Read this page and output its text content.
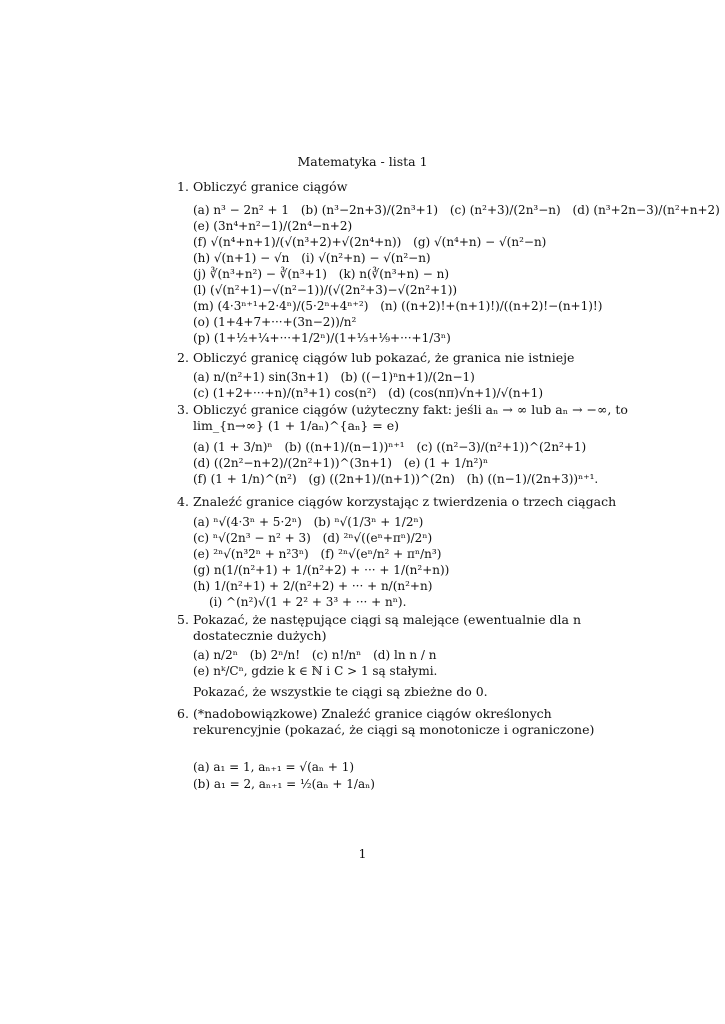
Matematyka - lista 1
1. Obliczyć granice ciągów
(a) n³ − 2n² + 1 (b) (n³−2n+3)/(2n³+1) (c) (n²+3)/(2n³−n) (d) (n³+2n−3)/(n²+n+2)
(e) (3n⁴+n²−1)/(2n⁴−n+2)
(f) √(n⁴+n+1)/(√(n³+2)+√(2n⁴+n)) (g) √(n⁴+n) − √(n²−n)
(h) √(n+1) − √n (i) √(n²+n) − √(n²−n)
(j) ∛(n³+n²) − ∛(n³+1) (k) n(∛(n³+n) − n)
(l) (√(n²+1)−√(n²−1))/(√(2n²+3)−√(2n²+1))
(m) (4·3ⁿ⁺¹+2·4ⁿ)/(5·2ⁿ+4ⁿ⁺²) (n) ((n+2)!+(n+1)!)/((n+2)!−(n+1)!)
(o) (1+4+7+···+(3n−2))/n²
(p) (1+½+¼+···+1/2ⁿ)/(1+⅓+⅑+···+1/3ⁿ)
2. Obliczyć granicę ciągów lub pokazać, że granica nie istnieje
(a) n/(n²+1) sin(3n+1) (b) ((−1)ⁿn+1)/(2n−1)
(c) (1+2+···+n)/(n³+1) cos(n²) (d) (cos(nπ)√n+1)/√(n+1)
3. Obliczyć granice ciągów (użyteczny fakt: jeśli aₙ → ∞ lub aₙ → −∞, to lim_{n→∞} (1 + 1/aₙ)^{aₙ} = e)
(a) (1 + 3/n)ⁿ (b) ((n+1)/(n−1))ⁿ⁺¹ (c) ((n²−3)/(n²+1))^(2n²+1)
(d) ((2n²−n+2)/(2n²+1))^(3n+1) (e) (1 + 1/n²)ⁿ
(f) (1 + 1/n)^(n²) (g) ((2n+1)/(n+1))^(2n) (h) ((n−1)/(2n+3))ⁿ⁺¹.
4. Znaleźć granice ciągów korzystając z twierdzenia o trzech ciągach
(a) ⁿ√(4·3ⁿ + 5·2ⁿ) (b) ⁿ√(1/3ⁿ + 1/2ⁿ)
(c) ⁿ√(2n³ − n² + 3) (d) ²ⁿ√((eⁿ+πⁿ)/2ⁿ)
(e) ²ⁿ√(n³2ⁿ + n²3ⁿ) (f) ²ⁿ√(eⁿ/n² + πⁿ/n³)
(g) n(1/(n²+1) + 1/(n²+2) + ··· + 1/(n²+n))
(h) 1/(n²+1) + 2/(n²+2) + ··· + n/(n²+n)
(i) ^(n²)√(1 + 2² + 3³ + ··· + nⁿ).
5. Pokazać, że następujące ciągi są malejące (ewentualnie dla n dostatecznie dużych)
(a) n/2ⁿ (b) 2ⁿ/n! (c) n!/nⁿ (d) ln n / n
(e) nᵏ/Cⁿ, gdzie k ∈ ℕ i C > 1 są stałymi.
Pokazać, że wszystkie te ciągi są zbieżne do 0.
6. (*nadobowiązkowe) Znaleźć granice ciągów określonych rekurencyjnie (pokazać, że ciągi są monotonicze i ograniczone)
(a) a₁ = 1, aₙ₊₁ = √(aₙ + 1)
(b) a₁ = 2, aₙ₊₁ = ½(aₙ + 1/aₙ)
1
